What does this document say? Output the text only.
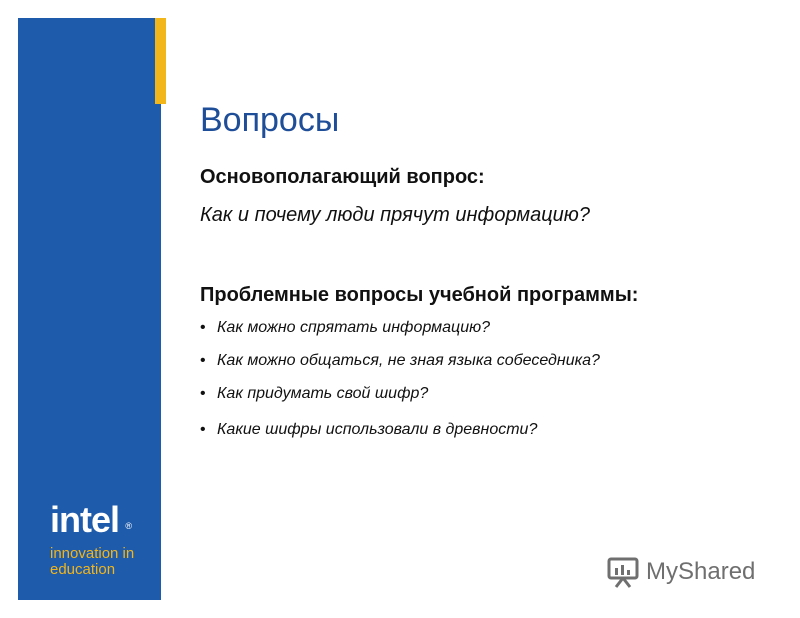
intel ®
innovation in
education
Вопросы
Основополагающий вопрос:
Как и почему люди прячут информацию?
Проблемные вопросы учебной программы:
• Как можно спрятать информацию?
• Как можно общаться, не зная языка собеседника?
• Как придумать свой шифр?
• Какие шифры использовали в древности?
MyShared
